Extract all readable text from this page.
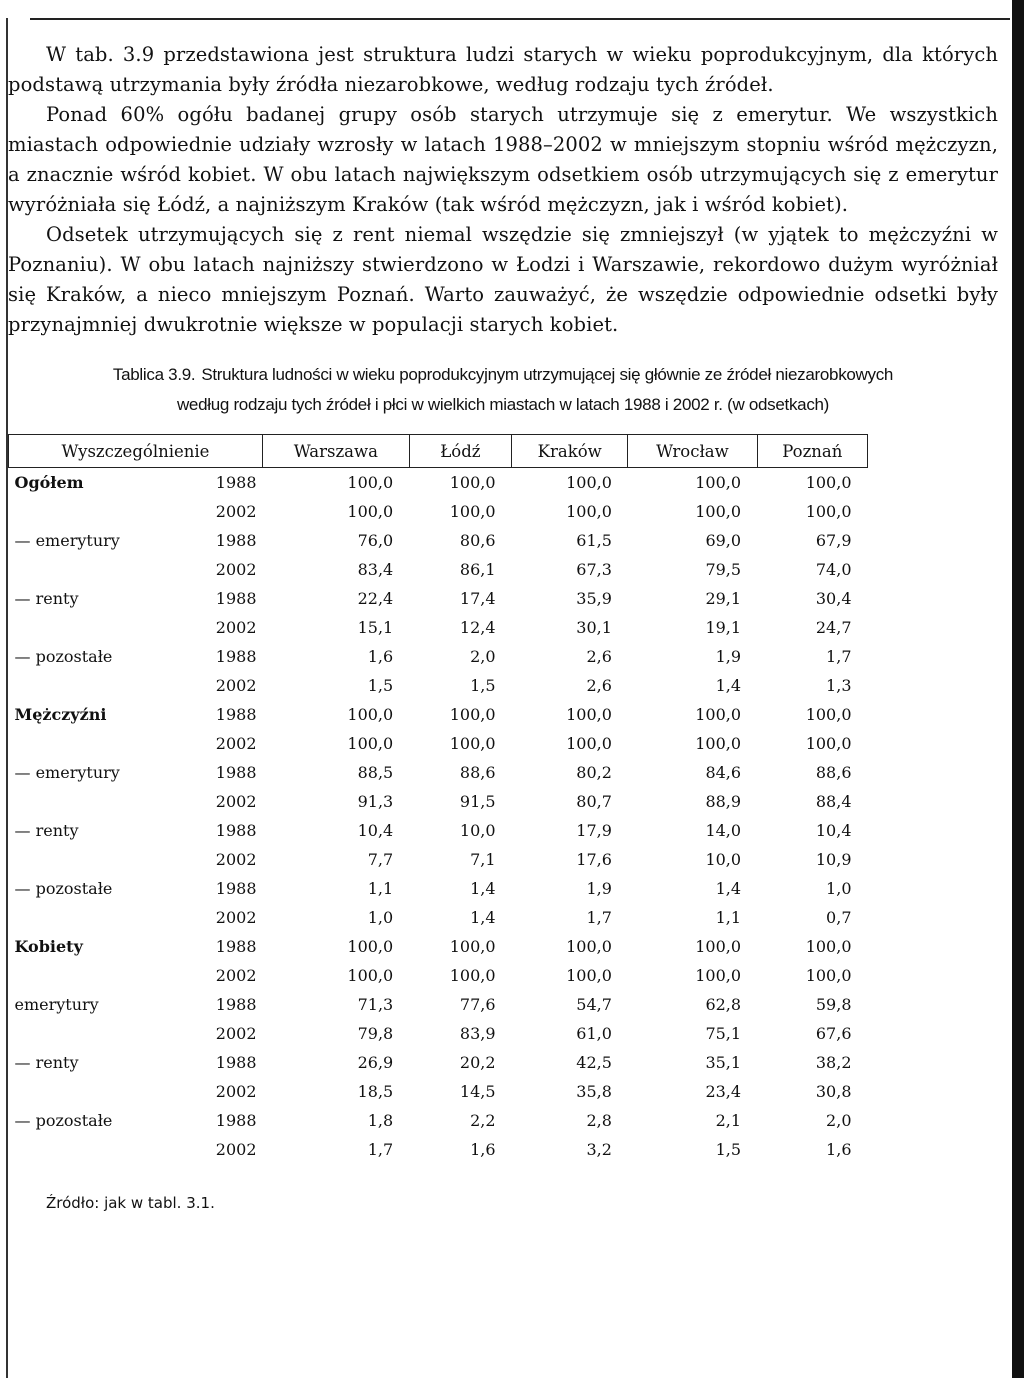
W tab. 3.9 przedstawiona jest struktura ludzi starych w wieku poprodukcyjnym, dla których podstawą utrzymania były źródła niezarobkowe, według rodzaju tych źródeł.

Ponad 60% ogółu badanej grupy osób starych utrzymuje się z emerytur. We wszystkich miastach odpowiednie udziały wzrosły w latach 1988–2002 w mniejszym stopniu wśród mężczyzn, a znacznie wśród kobiet. W obu latach największym odsetkiem osób utrzymujących się z emerytur wyróżniała się Łódź, a najniższym Kraków (tak wśród mężczyzn, jak i wśród kobiet).

Odsetek utrzymujących się z rent niemal wszędzie się zmniejszył (w yjątek to mężczyźni w Poznaniu). W obu latach najniższy stwierdzono w Łodzi i Warszawie, rekordowo dużym wyróżniał się Kraków, a nieco mniejszym Poznań. Warto zauważyć, że wszędzie odpowiednie odsetki były przynajmniej dwukrotnie większe w populacji starych kobiet.

Tablica 3.9. Struktura ludności w wieku poprodukcyjnym utrzymującej się głównie ze źródeł niezarobkowych
według rodzaju tych źródeł i płci w wielkich miastach w latach 1988 i 2002 r. (w odsetkach)
Wyszczególnienie		Warszawa	Łódź	Kraków	Wrocław	Poznań
Ogółem	1988	100,0	100,0	100,0	100,0	100,0
	2002	100,0	100,0	100,0	100,0	100,0
— emerytury	1988	76,0	80,6	61,5	69,0	67,9
	2002	83,4	86,1	67,3	79,5	74,0
— renty	1988	22,4	17,4	35,9	29,1	30,4
	2002	15,1	12,4	30,1	19,1	24,7
— pozostałe	1988	1,6	2,0	2,6	1,9	1,7
	2002	1,5	1,5	2,6	1,4	1,3
Mężczyźni	1988	100,0	100,0	100,0	100,0	100,0
	2002	100,0	100,0	100,0	100,0	100,0
— emerytury	1988	88,5	88,6	80,2	84,6	88,6
	2002	91,3	91,5	80,7	88,9	88,4
— renty	1988	10,4	10,0	17,9	14,0	10,4
	2002	7,7	7,1	17,6	10,0	10,9
— pozostałe	1988	1,1	1,4	1,9	1,4	1,0
	2002	1,0	1,4	1,7	1,1	0,7
Kobiety	1988	100,0	100,0	100,0	100,0	100,0
	2002	100,0	100,0	100,0	100,0	100,0
emerytury	1988	71,3	77,6	54,7	62,8	59,8
	2002	79,8	83,9	61,0	75,1	67,6
— renty	1988	26,9	20,2	42,5	35,1	38,2
	2002	18,5	14,5	35,8	23,4	30,8
— pozostałe	1988	1,8	2,2	2,8	2,1	2,0
	2002	1,7	1,6	3,2	1,5	1,6
Źródło: jak w tabl. 3.1.
